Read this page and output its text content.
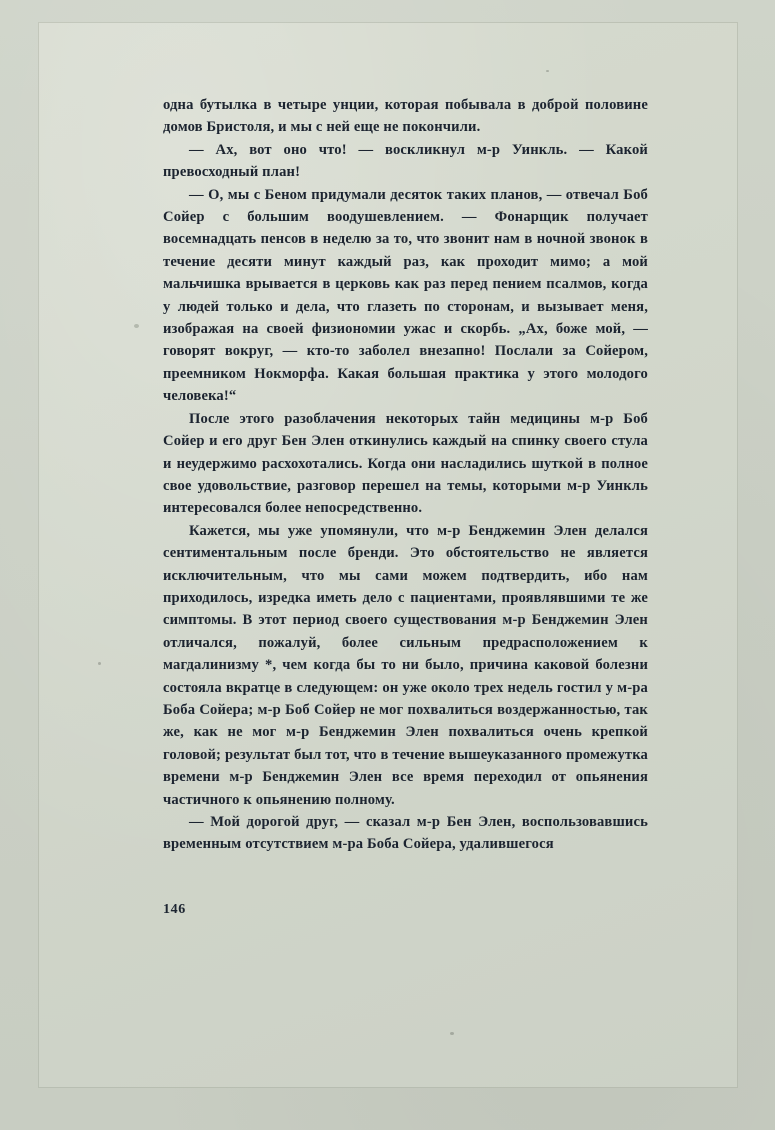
одна бутылка в четыре унции, которая побывала в доброй половине домов Бристоля, и мы с ней еще не покончили.

— Ах, вот оно что! — воскликнул м-р Уинкль. — Какой превосходный план!

— О, мы с Беном придумали десяток таких планов, — отвечал Боб Сойер с большим воодушевлением. — Фонарщик получает восемнадцать пенсов в неделю за то, что звонит нам в ночной звонок в течение десяти минут каждый раз, как проходит мимо; а мой мальчишка врывается в церковь как раз перед пением псалмов, когда у людей только и дела, что глазеть по сторонам, и вызывает меня, изображая на своей физиономии ужас и скорбь. „Ах, боже мой, — говорят вокруг, — кто-то заболел внезапно! Послали за Сойером, преемником Нокморфа. Какая большая практика у этого молодого человека!“

После этого разоблачения некоторых тайн медицины м-р Боб Сойер и его друг Бен Элен откинулись каждый на спинку своего стула и неудержимо расхохотались. Когда они насладились шуткой в полное свое удовольствие, разговор перешел на темы, которыми м-р Уинкль интересовался более непосредственно.

Кажется, мы уже упомянули, что м-р Бенджемин Элен делался сентиментальным после бренди. Это обстоятельство не является исключительным, что мы сами можем подтвердить, ибо нам приходилось, изредка иметь дело с пациентами, проявлявшими те же симптомы. В этот период своего существования м-р Бенджемин Элен отличался, пожалуй, более сильным предрасположением к магдалинизму *, чем когда бы то ни было, причина каковой болезни состояла вкратце в следующем: он уже около трех недель гостил у м-ра Боба Сойера; м-р Боб Сойер не мог похвалиться воздержанностью, так же, как не мог м-р Бенджемин Элен похвалиться очень крепкой головой; результат был тот, что в течение вышеуказанного промежутка времени м-р Бенджемин Элен все время переходил от опьянения частичного к опьянению полному.

— Мой дорогой друг, — сказал м-р Бен Элен, воспользовавшись временным отсутствием м-ра Боба Сойера, удалившегося

146
